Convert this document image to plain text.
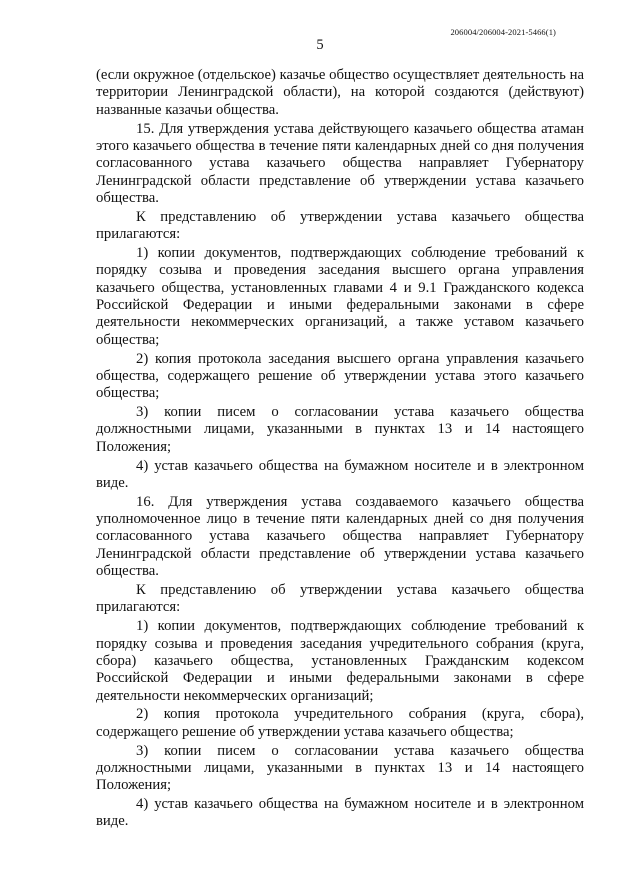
206004/206004-2021-5466(1)
5

(если окружное (отдельское) казачье общество осуществляет деятельность на территории Ленинградской области), на которой создаются (действуют) названные казачьи общества.

15. Для утверждения устава действующего казачьего общества атаман этого казачьего общества в течение пяти календарных дней со дня получения согласованного устава казачьего общества направляет Губернатору Ленинградской области представление об утверждении устава казачьего общества.

К представлению об утверждении устава казачьего общества прилагаются:

1) копии документов, подтверждающих соблюдение требований к порядку созыва и проведения заседания высшего органа управления казачьего общества, установленных главами 4 и 9.1 Гражданского кодекса Российской Федерации и иными федеральными законами в сфере деятельности некоммерческих организаций, а также уставом казачьего общества;

2) копия протокола заседания высшего органа управления казачьего общества, содержащего решение об утверждении устава этого казачьего общества;

3) копии писем о согласовании устава казачьего общества должностными лицами, указанными в пунктах 13 и 14 настоящего Положения;

4) устав казачьего общества на бумажном носителе и в электронном виде.

16. Для утверждения устава создаваемого казачьего общества уполномоченное лицо в течение пяти календарных дней со дня получения согласованного устава казачьего общества направляет Губернатору Ленинградской области представление об утверждении устава казачьего общества.

К представлению об утверждении устава казачьего общества прилагаются:

1) копии документов, подтверждающих соблюдение требований к порядку созыва и проведения заседания учредительного собрания (круга, сбора) казачьего общества, установленных Гражданским кодексом Российской Федерации и иными федеральными законами в сфере деятельности некоммерческих организаций;

2) копия протокола учредительного собрания (круга, сбора), содержащего решение об утверждении устава казачьего общества;

3) копии писем о согласовании устава казачьего общества должностными лицами, указанными в пунктах 13 и 14 настоящего Положения;

4) устав казачьего общества на бумажном носителе и в электронном виде.
